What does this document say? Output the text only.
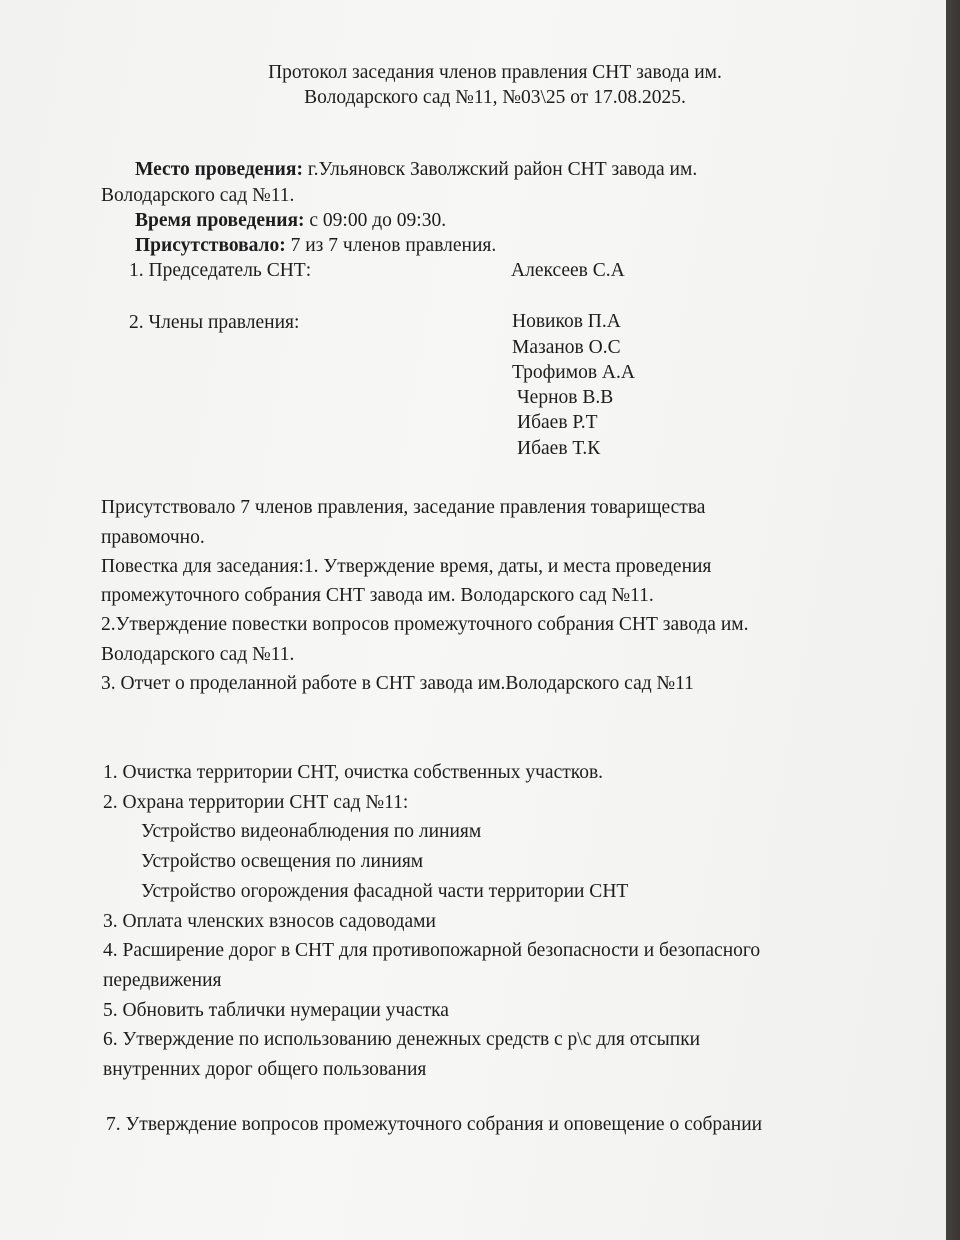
Протокол заседания членов правления СНТ завода им.
Володарского сад №11, №03\25 от 17.08.2025.
Место проведения: г.Ульяновск Заволжский район СНТ завода им.
Володарского сад №11.
Время проведения: с 09:00 до 09:30.
Присутствовало: 7 из 7 членов правления.
1. Председатель СНТ:	Алексеев С.А
2. Члены правления:	Новиков П.А
Мазанов О.С
Трофимов А.А
Чернов В.В
Ибаев Р.Т
Ибаев Т.К
Присутствовало 7 членов правления, заседание правления товарищества
правомочно.
Повестка для заседания:1. Утверждение время, даты, и места проведения
промежуточного собрания СНТ завода им. Володарского сад №11.
2.Утверждение повестки вопросов промежуточного собрания СНТ завода им.
Володарского сад №11.
3. Отчет о проделанной работе в СНТ завода им.Володарского сад №11
1. Очистка территории СНТ, очистка собственных участков.
2. Охрана территории СНТ сад №11:
Устройство видеонаблюдения по линиям
Устройство освещения по линиям
Устройство огорождения фасадной части территории СНТ
3. Оплата членских взносов садоводами
4. Расширение дорог в СНТ для противопожарной безопасности и безопасного
передвижения
5. Обновить таблички нумерации участка
6. Утверждение по использованию денежных средств с р\с для отсыпки
внутренних дорог общего пользования
7. Утверждение вопросов промежуточного собрания и оповещение о собрании
